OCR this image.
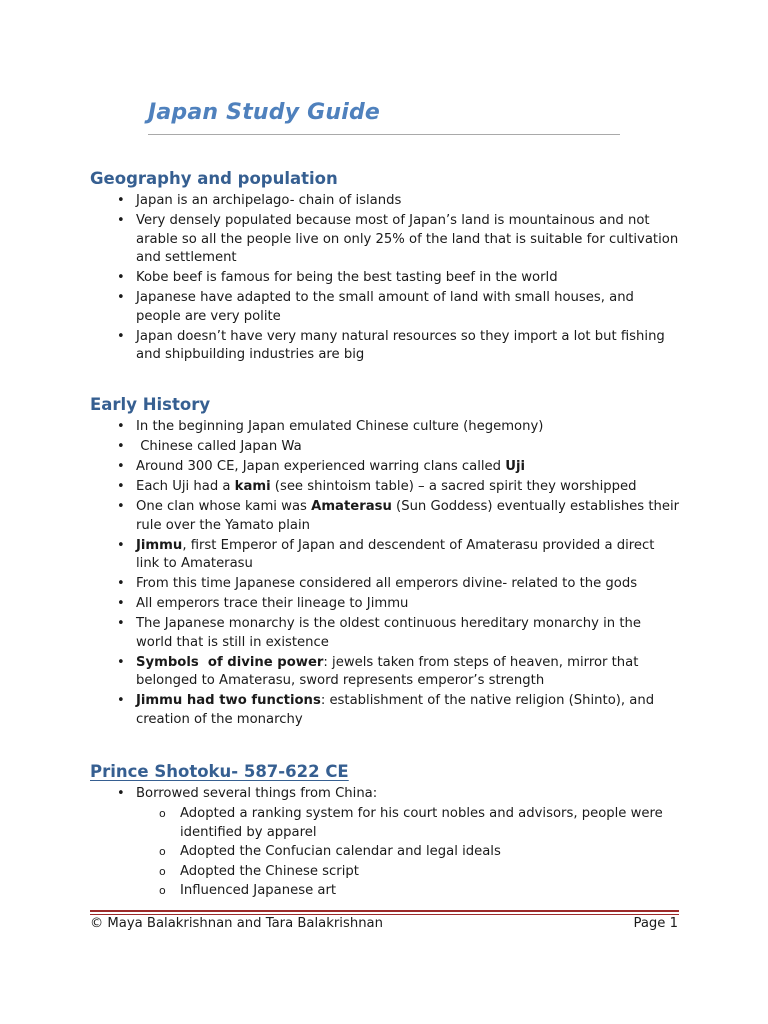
Japan Study Guide
Geography and population
• Japan is an archipelago- chain of islands
• Very densely populated because most of Japan’s land is mountainous and not arable so all the people live on only 25% of the land that is suitable for cultivation and settlement
• Kobe beef is famous for being the best tasting beef in the world
• Japanese have adapted to the small amount of land with small houses, and people are very polite
• Japan doesn’t have very many natural resources so they import a lot but fishing and shipbuilding industries are big
Early History
• In the beginning Japan emulated Chinese culture (hegemony)
• Chinese called Japan Wa
• Around 300 CE, Japan experienced warring clans called Uji
• Each Uji had a kami (see shintoism table) – a sacred spirit they worshipped
• One clan whose kami was Amaterasu (Sun Goddess) eventually establishes their rule over the Yamato plain
• Jimmu, first Emperor of Japan and descendent of Amaterasu provided a direct link to Amaterasu
• From this time Japanese considered all emperors divine- related to the gods
• All emperors trace their lineage to Jimmu
• The Japanese monarchy is the oldest continuous hereditary monarchy in the world that is still in existence
• Symbols  of divine power: jewels taken from steps of heaven, mirror that belonged to Amaterasu, sword represents emperor’s strength
• Jimmu had two functions: establishment of the native religion (Shinto), and creation of the monarchy
Prince Shotoku- 587-622 CE
• Borrowed several things from China:
o Adopted a ranking system for his court nobles and advisors, people were identified by apparel
o Adopted the Confucian calendar and legal ideals
o Adopted the Chinese script
o Influenced Japanese art
© Maya Balakrishnan and Tara Balakrishnan	Page 1
